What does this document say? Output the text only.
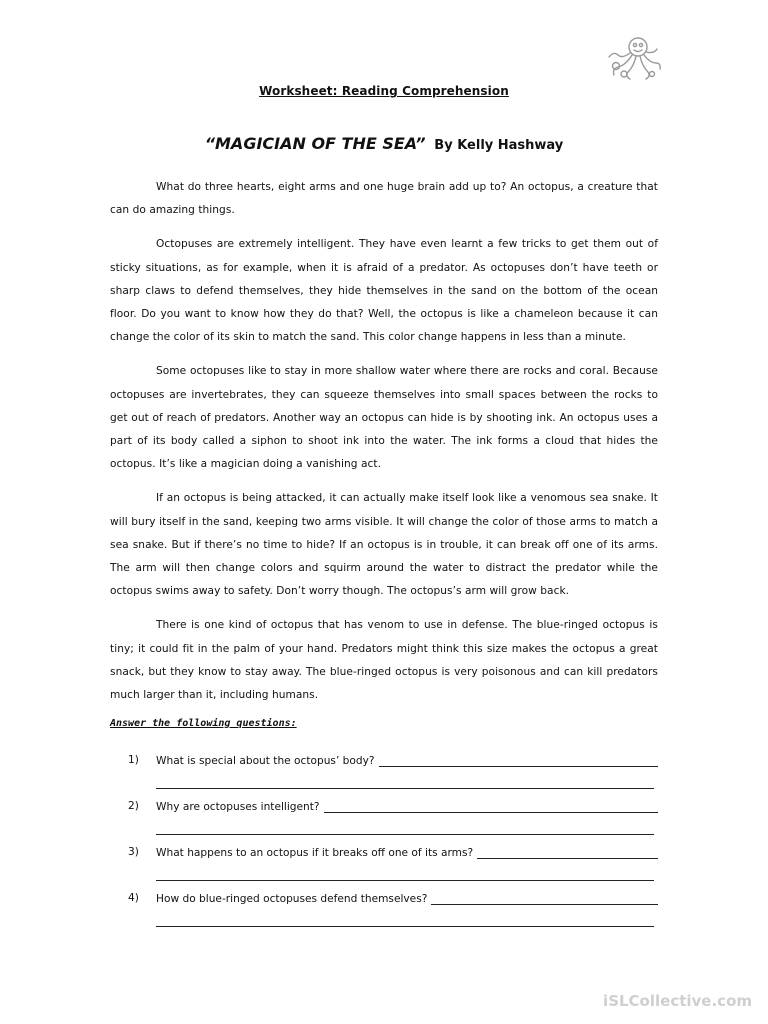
Worksheet: Reading Comprehension
“MAGICIAN OF THE SEA” By Kelly Hashway

What do three hearts, eight arms and one huge brain add up to? An octopus, a creature that can do amazing things.

Octopuses are extremely intelligent. They have even learnt a few tricks to get them out of sticky situations, as for example, when it is afraid of a predator. As octopuses don’t have teeth or sharp claws to defend themselves, they hide themselves in the sand on the bottom of the ocean floor. Do you want to know how they do that? Well, the octopus is like a chameleon because it can change the color of its skin to match the sand. This color change happens in less than a minute.

Some octopuses like to stay in more shallow water where there are rocks and coral. Because octopuses are invertebrates, they can squeeze themselves into small spaces between the rocks to get out of reach of predators. Another way an octopus can hide is by shooting ink. An octopus uses a part of its body called a siphon to shoot ink into the water. The ink forms a cloud that hides the octopus. It’s like a magician doing a vanishing act.

If an octopus is being attacked, it can actually make itself look like a venomous sea snake. It will bury itself in the sand, keeping two arms visible. It will change the color of those arms to match a sea snake. But if there’s no time to hide? If an octopus is in trouble, it can break off one of its arms. The arm will then change colors and squirm around the water to distract the predator while the octopus swims away to safety. Don’t worry though. The octopus’s arm will grow back.

There is one kind of octopus that has venom to use in defense. The blue-ringed octopus is tiny; it could fit in the palm of your hand. Predators might think this size makes the octopus a great snack, but they know to stay away. The blue-ringed octopus is very poisonous and can kill predators much larger than it, including humans.

Answer the following questions:
1)	What is special about the octopus’ body?
2)	Why are octopuses intelligent?
3)	What happens to an octopus if it breaks off one of its arms?
4)	How do blue-ringed octopuses defend themselves?
iSLCollective.com
